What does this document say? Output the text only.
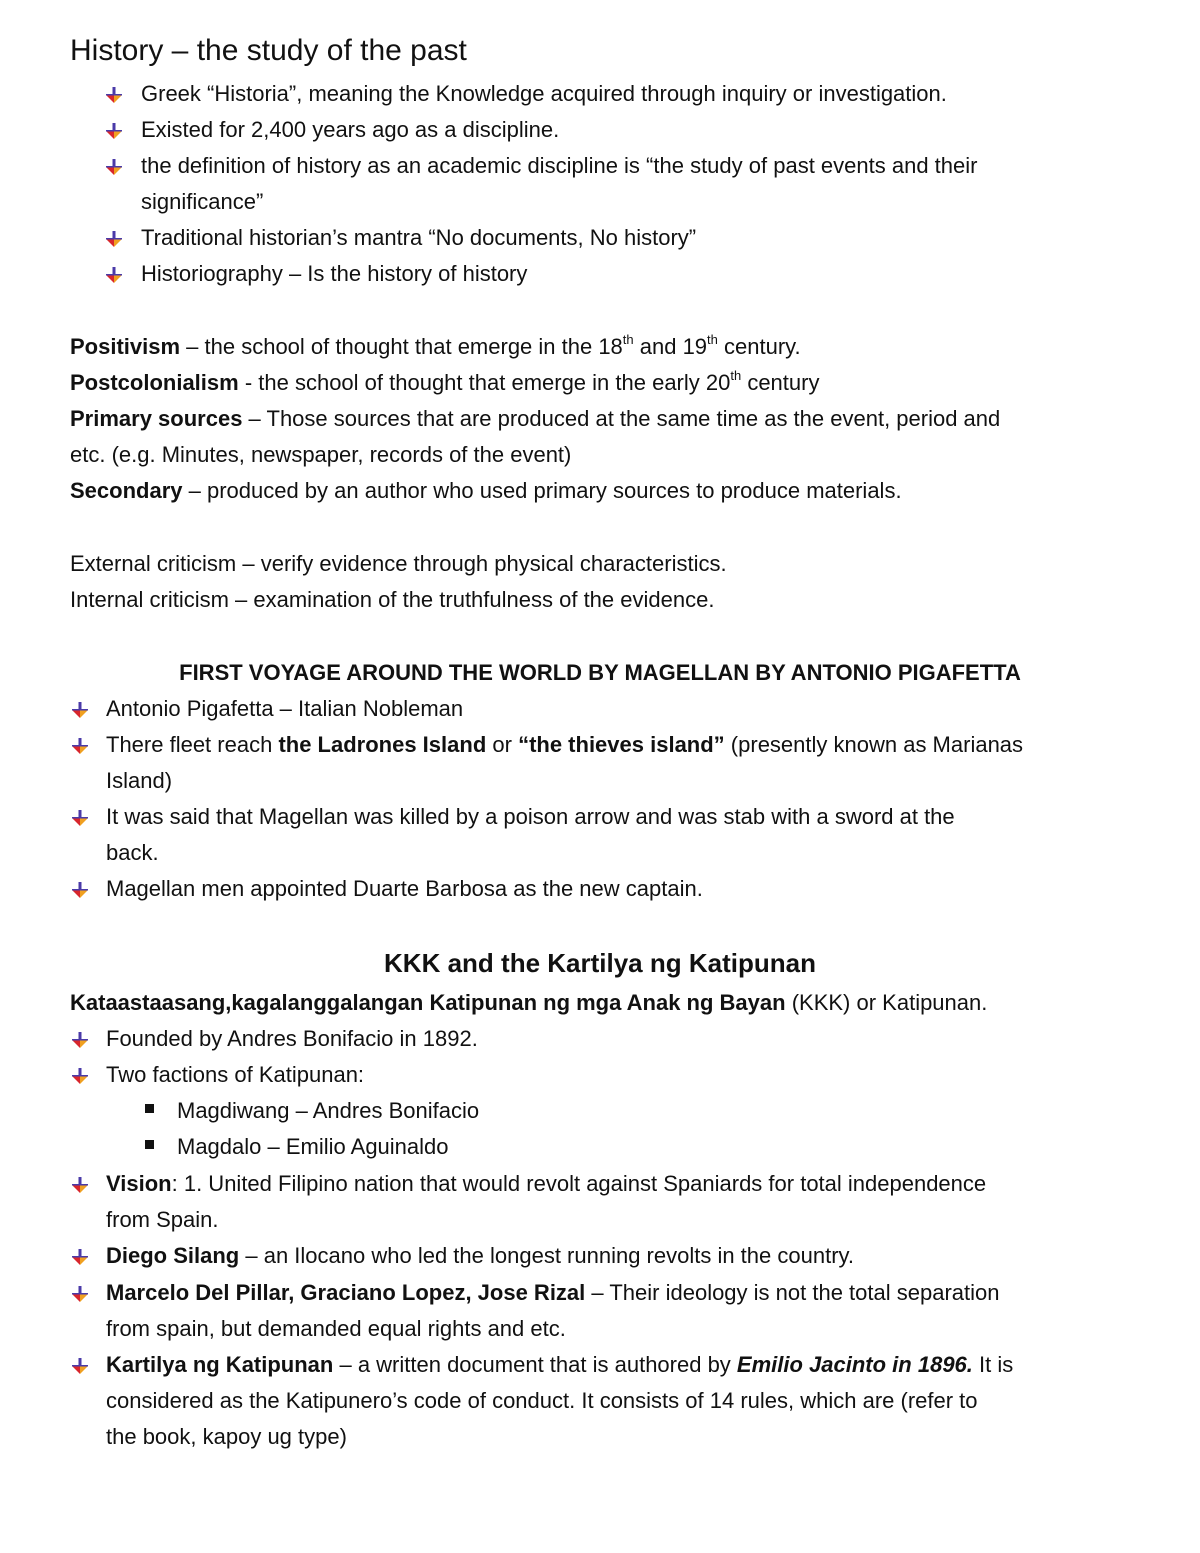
History – the study of the past
Greek “Historia”, meaning the Knowledge acquired through inquiry or investigation.
Existed for 2,400 years ago as a discipline.
the definition of history as an academic discipline is “the study of past events and their
significance”
Traditional historian’s mantra “No documents, No history”
Historiography – Is the history of history
Positivism – the school of thought that emerge in the 18th and 19th century.
Postcolonialism - the school of thought that emerge in the early 20th century
Primary sources – Those sources that are produced at the same time as the event, period and
etc. (e.g. Minutes, newspaper, records of the event)
Secondary – produced by an author who used primary sources to produce materials.
External criticism – verify evidence through physical characteristics.
Internal criticism – examination of the truthfulness of the evidence.
FIRST VOYAGE AROUND THE WORLD BY MAGELLAN BY ANTONIO PIGAFETTA
Antonio Pigafetta – Italian Nobleman
There fleet reach the Ladrones Island or “the thieves island” (presently known as Marianas
Island)
It was said that Magellan was killed by a poison arrow and was stab with a sword at the
back.
Magellan men appointed Duarte Barbosa as the new captain.
KKK and the Kartilya ng Katipunan
Kataastaasang,kagalanggalangan Katipunan ng mga Anak ng Bayan (KKK) or Katipunan.
Founded by Andres Bonifacio in 1892.
Two factions of Katipunan:
Magdiwang – Andres Bonifacio
Magdalo – Emilio Aguinaldo
Vision: 1. United Filipino nation that would revolt against Spaniards for total independence
from Spain.
Diego Silang – an Ilocano who led the longest running revolts in the country.
Marcelo Del Pillar, Graciano Lopez, Jose Rizal – Their ideology is not the total separation
from spain, but demanded equal rights and etc.
Kartilya ng Katipunan – a written document that is authored by Emilio Jacinto in 1896. It is
considered as the Katipunero’s code of conduct. It consists of 14 rules, which are (refer to
the book, kapoy ug type)
